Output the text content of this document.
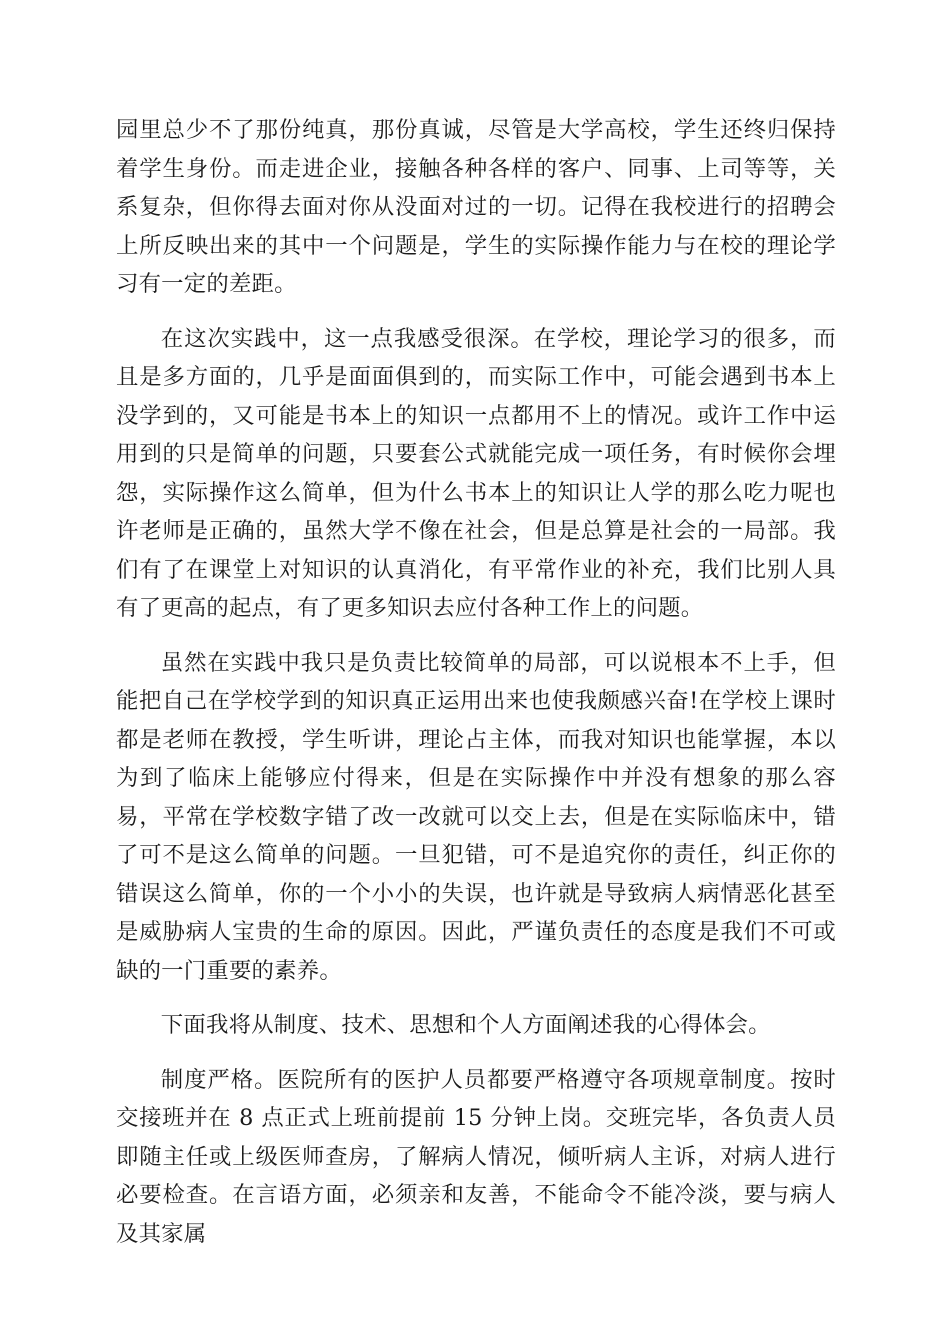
园里总少不了那份纯真，那份真诚，尽管是大学高校，学生还终归保持着学生身份。而走进企业，接触各种各样的客户、同事、上司等等，关系复杂，但你得去面对你从没面对过的一切。记得在我校进行的招聘会上所反映出来的其中一个问题是，学生的实际操作能力与在校的理论学习有一定的差距。

在这次实践中，这一点我感受很深。在学校，理论学习的很多，而且是多方面的，几乎是面面俱到的，而实际工作中，可能会遇到书本上没学到的，又可能是书本上的知识一点都用不上的情况。或许工作中运用到的只是简单的问题，只要套公式就能完成一项任务，有时候你会埋怨，实际操作这么简单，但为什么书本上的知识让人学的那么吃力呢也许老师是正确的，虽然大学不像在社会，但是总算是社会的一局部。我们有了在课堂上对知识的认真消化，有平常作业的补充，我们比别人具有了更高的起点，有了更多知识去应付各种工作上的问题。

虽然在实践中我只是负责比较简单的局部，可以说根本不上手，但能把自己在学校学到的知识真正运用出来也使我颇感兴奋!在学校上课时都是老师在教授，学生听讲，理论占主体，而我对知识也能掌握，本以为到了临床上能够应付得来，但是在实际操作中并没有想象的那么容易，平常在学校数字错了改一改就可以交上去，但是在实际临床中，错了可不是这么简单的问题。一旦犯错，可不是追究你的责任，纠正你的错误这么简单，你的一个小小的失误，也许就是导致病人病情恶化甚至是威胁病人宝贵的生命的原因。因此，严谨负责任的态度是我们不可或缺的一门重要的素养。

下面我将从制度、技术、思想和个人方面阐述我的心得体会。

制度严格。医院所有的医护人员都要严格遵守各项规章制度。按时交接班并在 8 点正式上班前提前 15 分钟上岗。交班完毕，各负责人员即随主任或上级医师查房，了解病人情况，倾听病人主诉，对病人进行必要检查。在言语方面，必须亲和友善，不能命令不能冷淡，要与病人及其家属
